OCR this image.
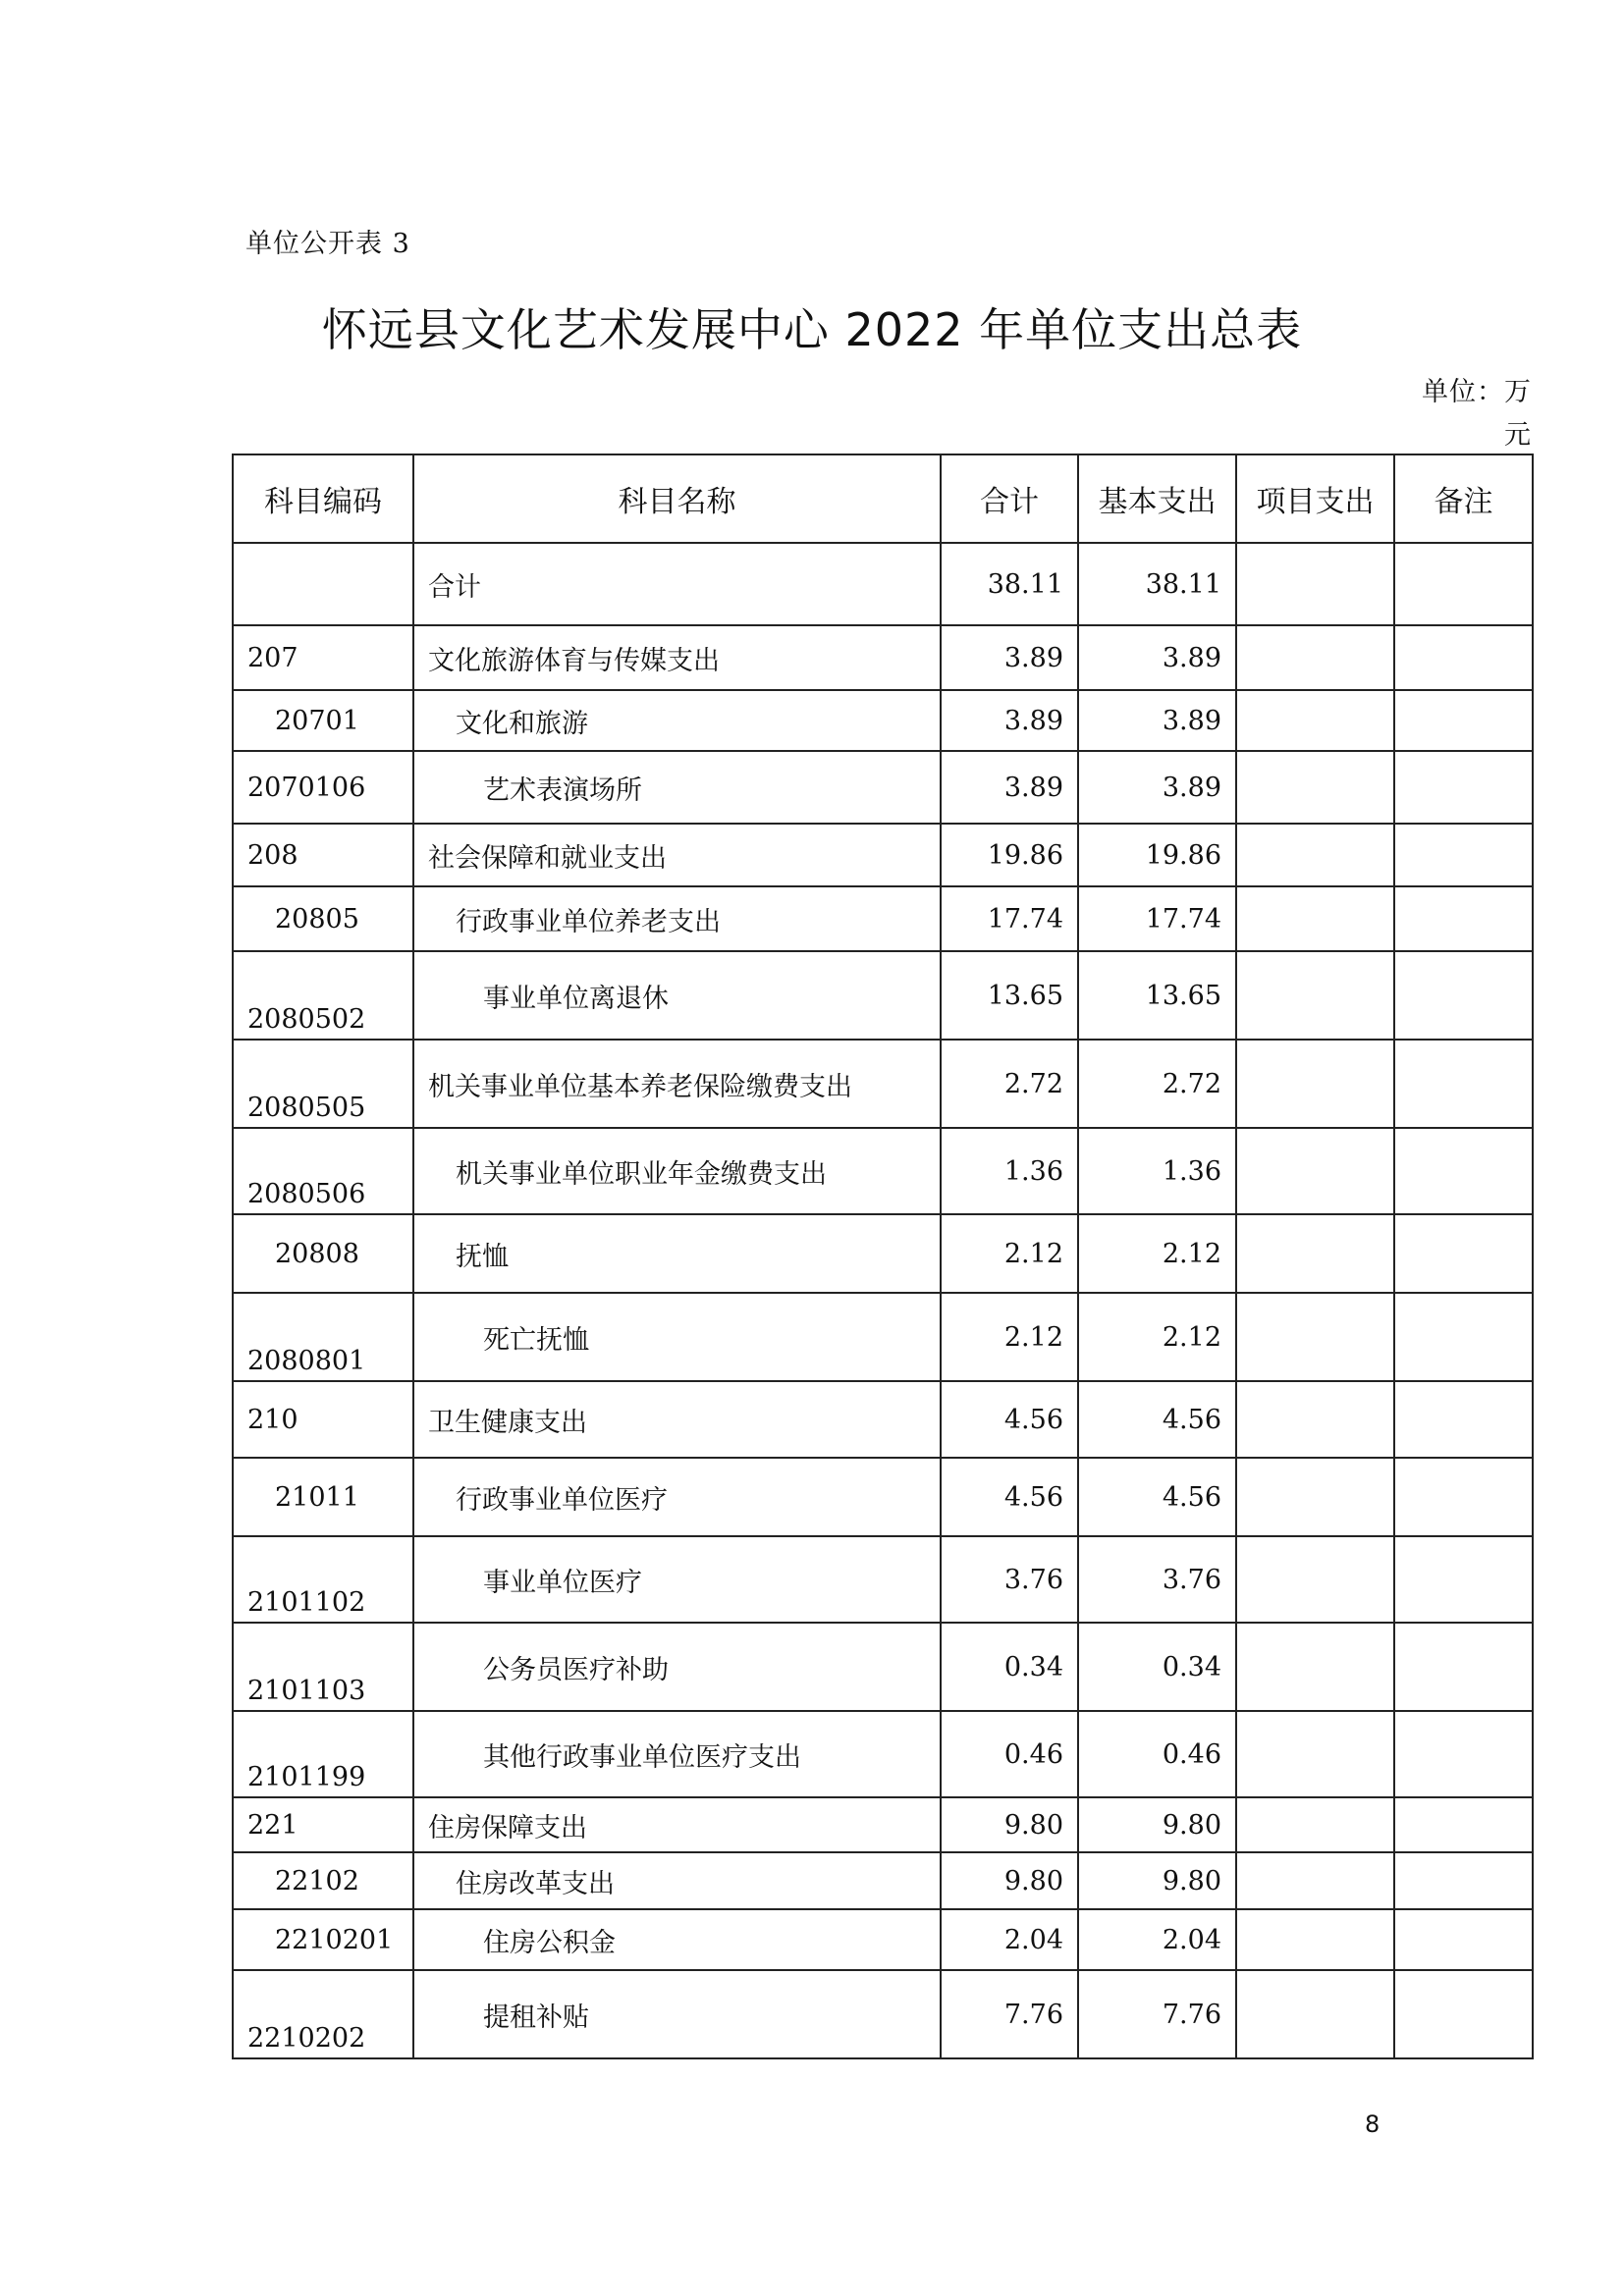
单位公开表 3
怀远县文化艺术发展中心 2022 年单位支出总表
单位：万
元
科目编码	科目名称	合计	基本支出	项目支出	备注
	合计	38.11	38.11		
207	文化旅游体育与传媒支出	3.89	3.89		
20701	文化和旅游	3.89	3.89		
2070106	艺术表演场所	3.89	3.89		
208	社会保障和就业支出	19.86	19.86		
20805	行政事业单位养老支出	17.74	17.74		
2080502	事业单位离退休	13.65	13.65		
2080505	机关事业单位基本养老保险缴费支出	2.72	2.72		
2080506	机关事业单位职业年金缴费支出	1.36	1.36		
20808	抚恤	2.12	2.12		
2080801	死亡抚恤	2.12	2.12		
210	卫生健康支出	4.56	4.56		
21011	行政事业单位医疗	4.56	4.56		
2101102	事业单位医疗	3.76	3.76		
2101103	公务员医疗补助	0.34	0.34		
2101199	其他行政事业单位医疗支出	0.46	0.46		
221	住房保障支出	9.80	9.80		
22102	住房改革支出	9.80	9.80		
2210201	住房公积金	2.04	2.04		
2210202	提租补贴	7.76	7.76		
8
